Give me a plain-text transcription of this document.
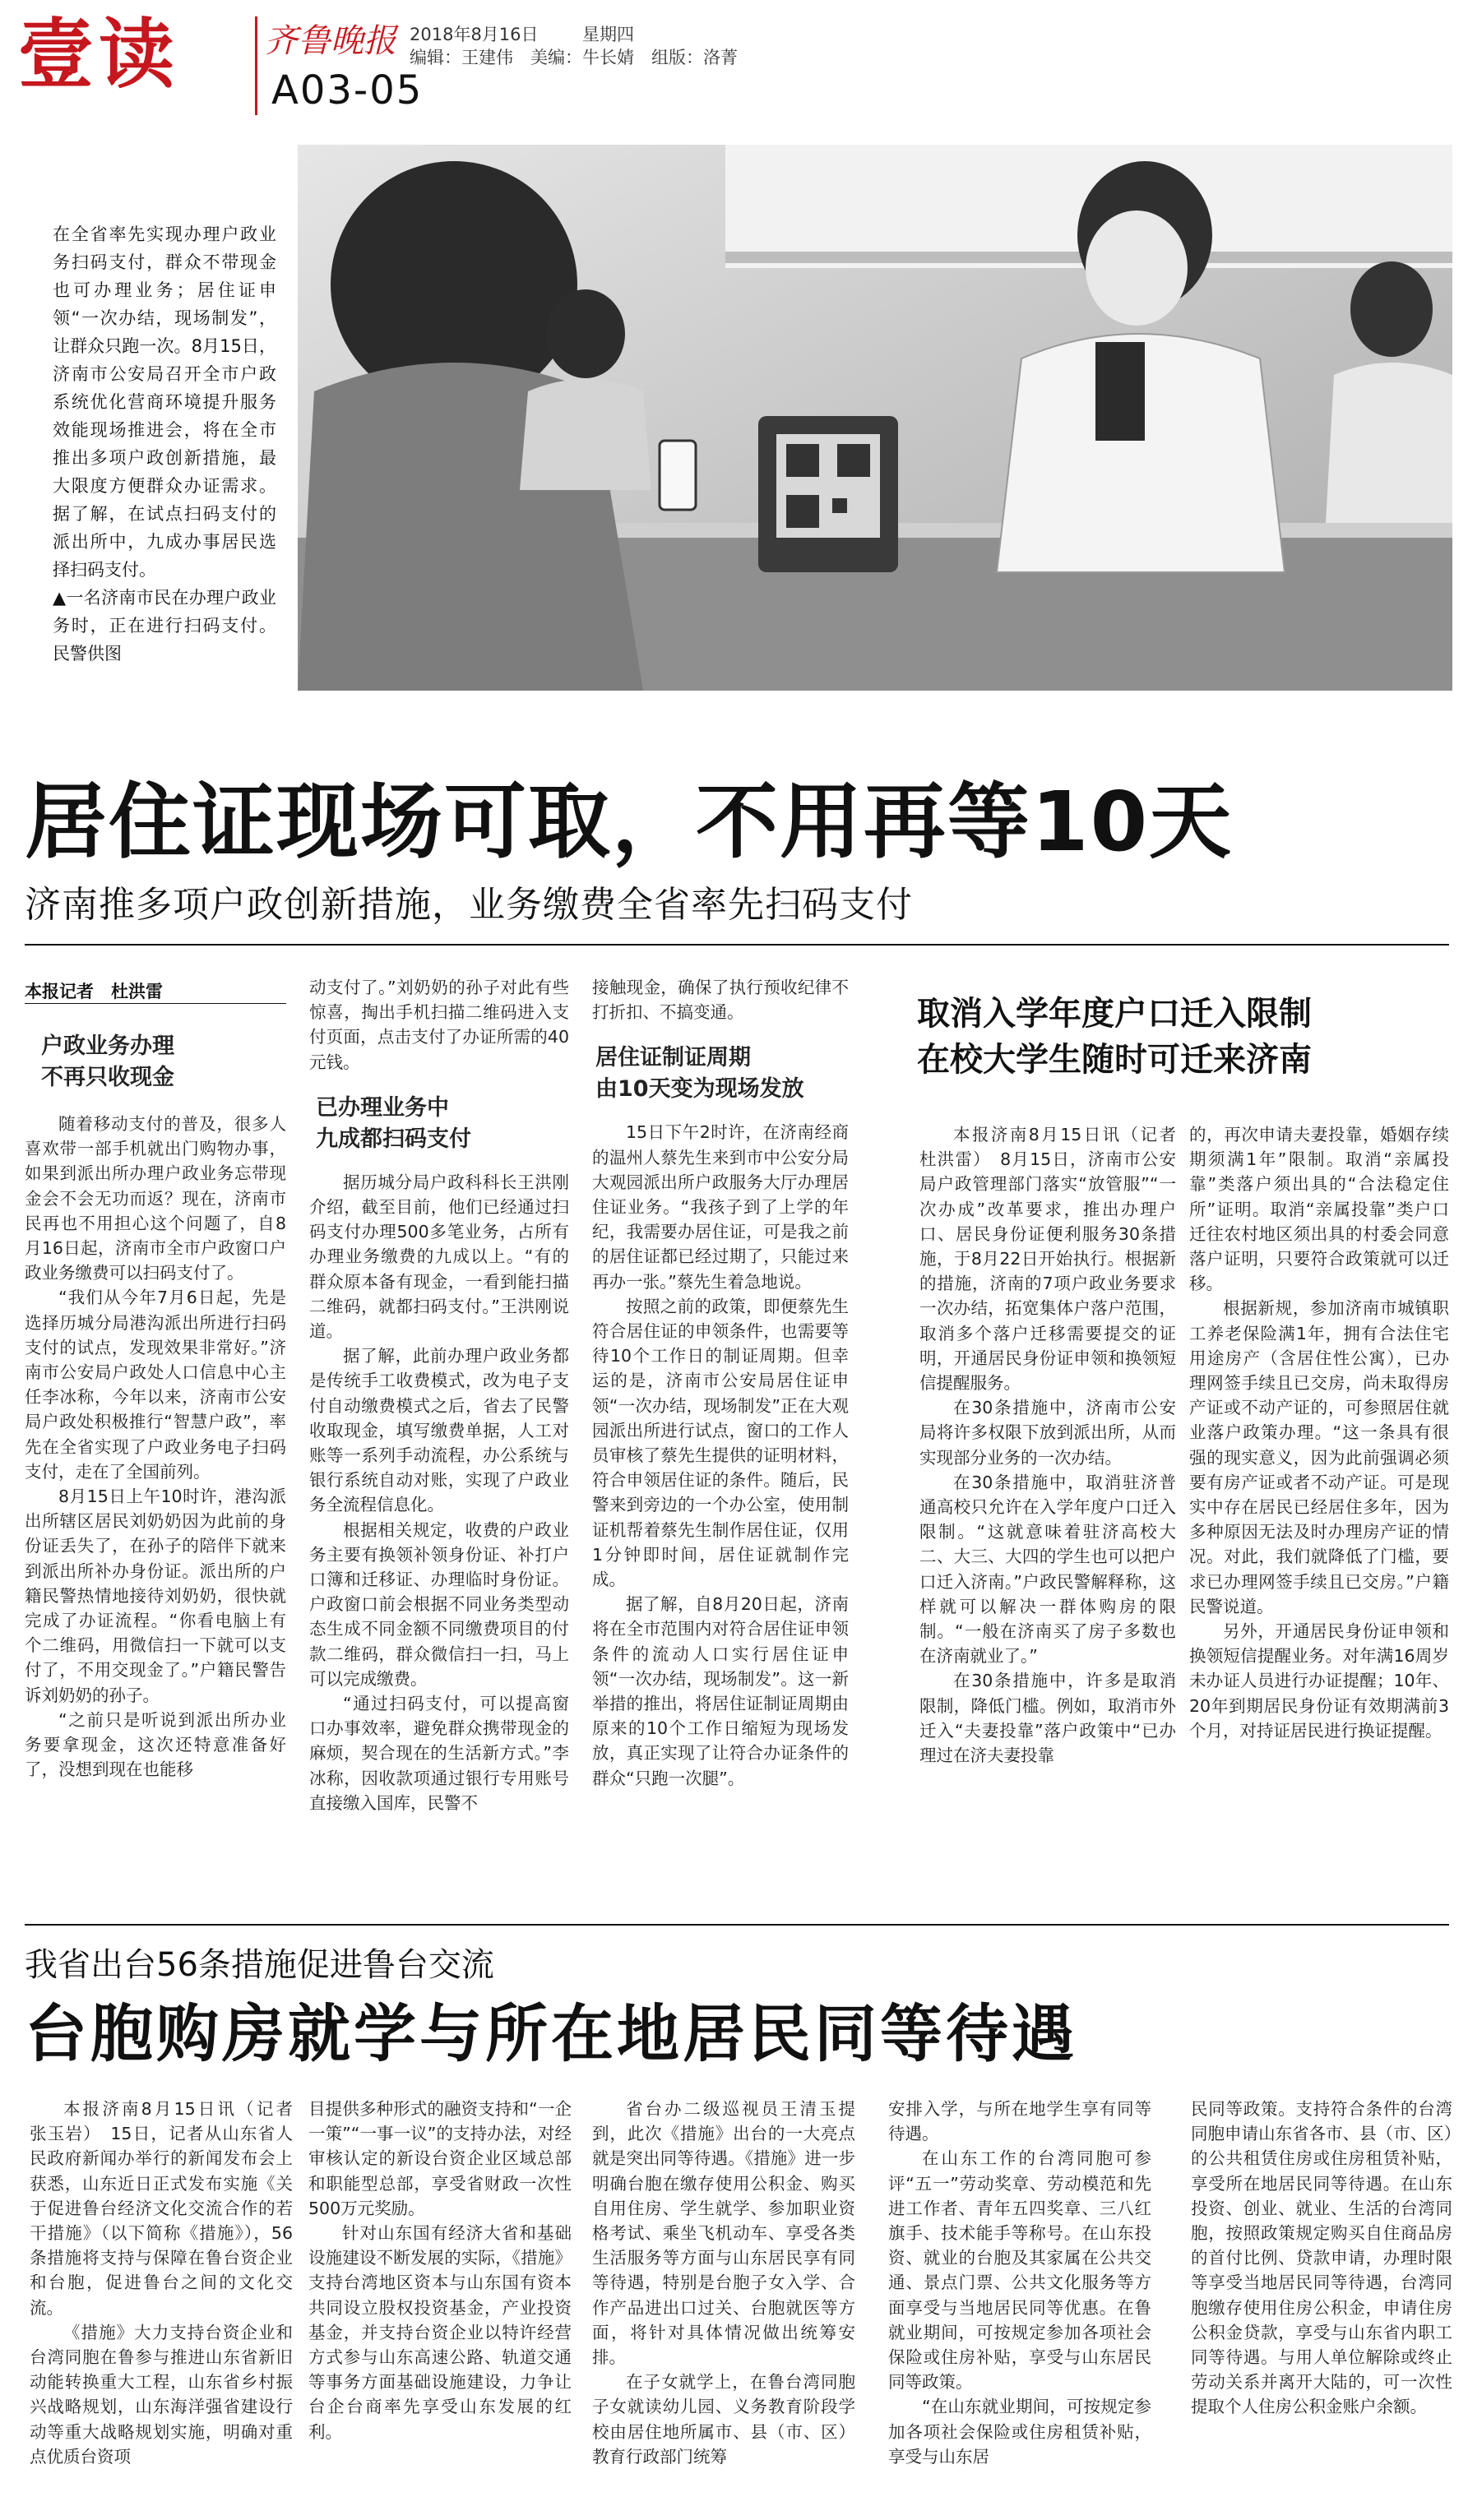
壹读	齐鲁晚报
A03-05
2018年8月16日	星期四
编辑：王建伟　美编：牛长婧　组版：洛菁
在全省率先实现办理户政业务扫码支付，群众不带现金也可办理业务；居住证申领“一次办结，现场制发”，让群众只跑一次。8月15日，济南市公安局召开全市户政系统优化营商环境提升服务效能现场推进会，将在全市推出多项户政创新措施，最大限度方便群众办证需求。据了解，在试点扫码支付的派出所中，九成办事居民选择扫码支付。
▲一名济南市民在办理户政业务时，正在进行扫码支付。民警供图
居住证现场可取，不用再等10天
济南推多项户政创新措施，业务缴费全省率先扫码支付
本报记者　杜洪雷
户政业务办理
不再只收现金

随着移动支付的普及，很多人喜欢带一部手机就出门购物办事，如果到派出所办理户政业务忘带现金会不会无功而返？现在，济南市民再也不用担心这个问题了，自8月16日起，济南市全市户政窗口户政业务缴费可以扫码支付了。

“我们从今年7月6日起，先是选择历城分局港沟派出所进行扫码支付的试点，发现效果非常好。”济南市公安局户政处人口信息中心主任李冰称，今年以来，济南市公安局户政处积极推行“智慧户政”，率先在全省实现了户政业务电子扫码支付，走在了全国前列。

8月15日上午10时许，港沟派出所辖区居民刘奶奶因为此前的身份证丢失了，在孙子的陪伴下就来到派出所补办身份证。派出所的户籍民警热情地接待刘奶奶，很快就完成了办证流程。“你看电脑上有个二维码，用微信扫一下就可以支付了，不用交现金了。”户籍民警告诉刘奶奶的孙子。

“之前只是听说到派出所办业务要拿现金，这次还特意准备好了，没想到现在也能移

动支付了。”刘奶奶的孙子对此有些惊喜，掏出手机扫描二维码进入支付页面，点击支付了办证所需的40元钱。

已办理业务中
九成都扫码支付

据历城分局户政科科长王洪刚介绍，截至目前，他们已经通过扫码支付办理500多笔业务，占所有办理业务缴费的九成以上。“有的群众原本备有现金，一看到能扫描二维码，就都扫码支付。”王洪刚说道。

据了解，此前办理户政业务都是传统手工收费模式，改为电子支付自动缴费模式之后，省去了民警收取现金，填写缴费单据，人工对账等一系列手动流程，办公系统与银行系统自动对账，实现了户政业务全流程信息化。

根据相关规定，收费的户政业务主要有换领补领身份证、补打户口簿和迁移证、办理临时身份证。户政窗口前会根据不同业务类型动态生成不同金额不同缴费项目的付款二维码，群众微信扫一扫，马上可以完成缴费。

“通过扫码支付，可以提高窗口办事效率，避免群众携带现金的麻烦，契合现在的生活新方式。”李冰称，因收款项通过银行专用账号直接缴入国库，民警不

接触现金，确保了执行预收纪律不打折扣、不搞变通。

居住证制证周期
由10天变为现场发放

15日下午2时许，在济南经商的温州人蔡先生来到市中公安分局大观园派出所户政服务大厅办理居住证业务。“我孩子到了上学的年纪，我需要办居住证，可是我之前的居住证都已经过期了，只能过来再办一张。”蔡先生着急地说。

按照之前的政策，即便蔡先生符合居住证的申领条件，也需要等待10个工作日的制证周期。但幸运的是，济南市公安局居住证申领“一次办结，现场制发”正在大观园派出所进行试点，窗口的工作人员审核了蔡先生提供的证明材料，符合申领居住证的条件。随后，民警来到旁边的一个办公室，使用制证机帮着蔡先生制作居住证，仅用1分钟即时间，居住证就制作完成。

据了解，自8月20日起，济南将在全市范围内对符合居住证申领条件的流动人口实行居住证申领“一次办结，现场制发”。这一新举措的推出，将居住证制证周期由原来的10个工作日缩短为现场发放，真正实现了让符合办证条件的群众“只跑一次腿”。

取消入学年度户口迁入限制
在校大学生随时可迁来济南

本报济南8月15日讯（记者　杜洪雷）　8月15日，济南市公安局户政管理部门落实“放管服”“一次办成”改革要求，推出办理户口、居民身份证便利服务30条措施，于8月22日开始执行。根据新的措施，济南的7项户政业务要求一次办结，拓宽集体户落户范围，取消多个落户迁移需要提交的证明，开通居民身份证申领和换领短信提醒服务。

在30条措施中，济南市公安局将许多权限下放到派出所，从而实现部分业务的一次办结。

在30条措施中，取消驻济普通高校只允许在入学年度户口迁入限制。“这就意味着驻济高校大二、大三、大四的学生也可以把户口迁入济南。”户政民警解释称，这样就可以解决一群体购房的限制。“一般在济南买了房子多数也在济南就业了。”

在30条措施中，许多是取消限制，降低门槛。例如，取消市外迁入“夫妻投靠”落户政策中“已办理过在济夫妻投靠

的，再次申请夫妻投靠，婚姻存续期须满1年”限制。取消“亲属投靠”类落户须出具的“合法稳定住所”证明。取消“亲属投靠”类户口迁往农村地区须出具的村委会同意落户证明，只要符合政策就可以迁移。

根据新规，参加济南市城镇职工养老保险满1年，拥有合法住宅用途房产（含居住性公寓），已办理网签手续且已交房，尚未取得房产证或不动产证的，可参照居住就业落户政策办理。“这一条具有很强的现实意义，因为此前强调必须要有房产证或者不动产证。可是现实中存在居民已经居住多年，因为多种原因无法及时办理房产证的情况。对此，我们就降低了门槛，要求已办理网签手续且已交房。”户籍民警说道。

另外，开通居民身份证申领和换领短信提醒业务。对年满16周岁未办证人员进行办证提醒；10年、20年到期居民身份证有效期满前3个月，对持证居民进行换证提醒。

我省出台56条措施促进鲁台交流
台胞购房就学与所在地居民同等待遇

本报济南8月15日讯（记者　张玉岩）　15日，记者从山东省人民政府新闻办举行的新闻发布会上获悉，山东近日正式发布实施《关于促进鲁台经济文化交流合作的若干措施》（以下简称《措施》），56条措施将支持与保障在鲁台资企业和台胞，促进鲁台之间的文化交流。

《措施》大力支持台资企业和台湾同胞在鲁参与推进山东省新旧动能转换重大工程，山东省乡村振兴战略规划，山东海洋强省建设行动等重大战略规划实施，明确对重点优质台资项

目提供多种形式的融资支持和“一企一策”“一事一议”的支持办法，对经审核认定的新设台资企业区域总部和职能型总部，享受省财政一次性500万元奖励。

针对山东国有经济大省和基础设施建设不断发展的实际，《措施》支持台湾地区资本与山东国有资本共同设立股权投资基金，产业投资基金，并支持台资企业以特许经营方式参与山东高速公路、轨道交通等事务方面基础设施建设，力争让台企台商率先享受山东发展的红利。

省台办二级巡视员王清玉提到，此次《措施》出台的一大亮点就是突出同等待遇。《措施》进一步明确台胞在缴存使用公积金、购买自用住房、学生就学、参加职业资格考试、乘坐飞机动车、享受各类生活服务等方面与山东居民享有同等待遇，特别是台胞子女入学、合作产品进出口过关、台胞就医等方面，将针对具体情况做出统筹安排。

在子女就学上，在鲁台湾同胞子女就读幼儿园、义务教育阶段学校由居住地所属市、县（市、区）教育行政部门统筹

安排入学，与所在地学生享有同等待遇。

在山东工作的台湾同胞可参评“五一”劳动奖章、劳动模范和先进工作者、青年五四奖章、三八红旗手、技术能手等称号。在山东投资、就业的台胞及其家属在公共交通、景点门票、公共文化服务等方面享受与当地居民同等优惠。在鲁就业期间，可按规定参加各项社会保险或住房补贴，享受与山东居民同等政策。

“在山东就业期间，可按规定参加各项社会保险或住房租赁补贴，享受与山东居

民同等政策。支持符合条件的台湾同胞申请山东省各市、县（市、区）的公共租赁住房或住房租赁补贴，享受所在地居民同等待遇。在山东投资、创业、就业、生活的台湾同胞，按照政策规定购买自住商品房的首付比例、贷款申请，办理时限等享受当地居民同等待遇，台湾同胞缴存使用住房公积金，申请住房公积金贷款，享受与山东省内职工同等待遇。与用人单位解除或终止劳动关系并离开大陆的，可一次性提取个人住房公积金账户余额。
